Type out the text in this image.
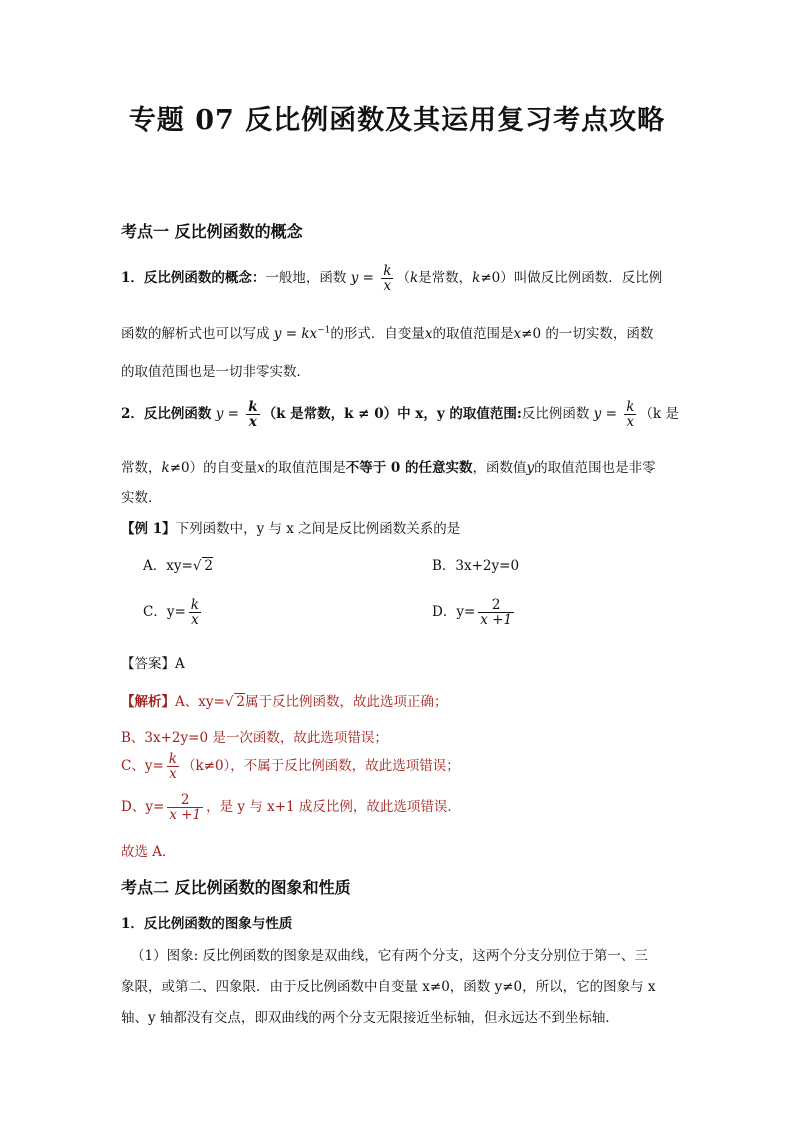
专题 07 反比例函数及其运用复习考点攻略
考点一 反比例函数的概念
1．反比例函数的概念：一般地，函数 $y = \frac{k}{x} (k$是常数，k≠0）叫做反比例函数．反比例
函数的解析式也可以写成 $y = kx^{-1}$的形式．自变量x的取值范围是x≠0 的一切实数，函数
的取值范围也是一切非零实数．
2．反比例函数 $y = \frac{k}{x} (k$ 是常数，k ≠ 0）中 x，y 的取值范围:反比例函数 $y = \frac{k}{x} (k$ 是
常数，k≠0）的自变量x的取值范围是不等于 0 的任意实数，函数值y的取值范围也是非零
实数．
【例 1】下列函数中，y 与 x 之间是反比例函数关系的是
A．xy=√ 2	B．3x+2y=0
C．$y= \frac{k}{x}$	D．$y= \frac{2}{x +1}$
【答案】A
【解析】A、xy=√ 2属于反比例函数，故此选项正确；
B、3x+2y=0 是一次函数，故此选项错误；
C、$y= \frac{k}{x} (k\ne 0)$，不属于反比例函数，故此选项错误；
D、$y= \frac{2}{x +1}$ ，是 y 与 x+1 成反比例，故此选项错误．
故选 A．
考点二 反比例函数的图象和性质
1．反比例函数的图象与性质
（1）图象: 反比例函数的图象是双曲线，它有两个分支，这两个分支分别位于第一、三
象限，或第二、四象限．由于反比例函数中自变量 x≠0，函数 y≠0，所以，它的图象与 x
轴、y 轴都没有交点，即双曲线的两个分支无限接近坐标轴，但永远达不到坐标轴．
